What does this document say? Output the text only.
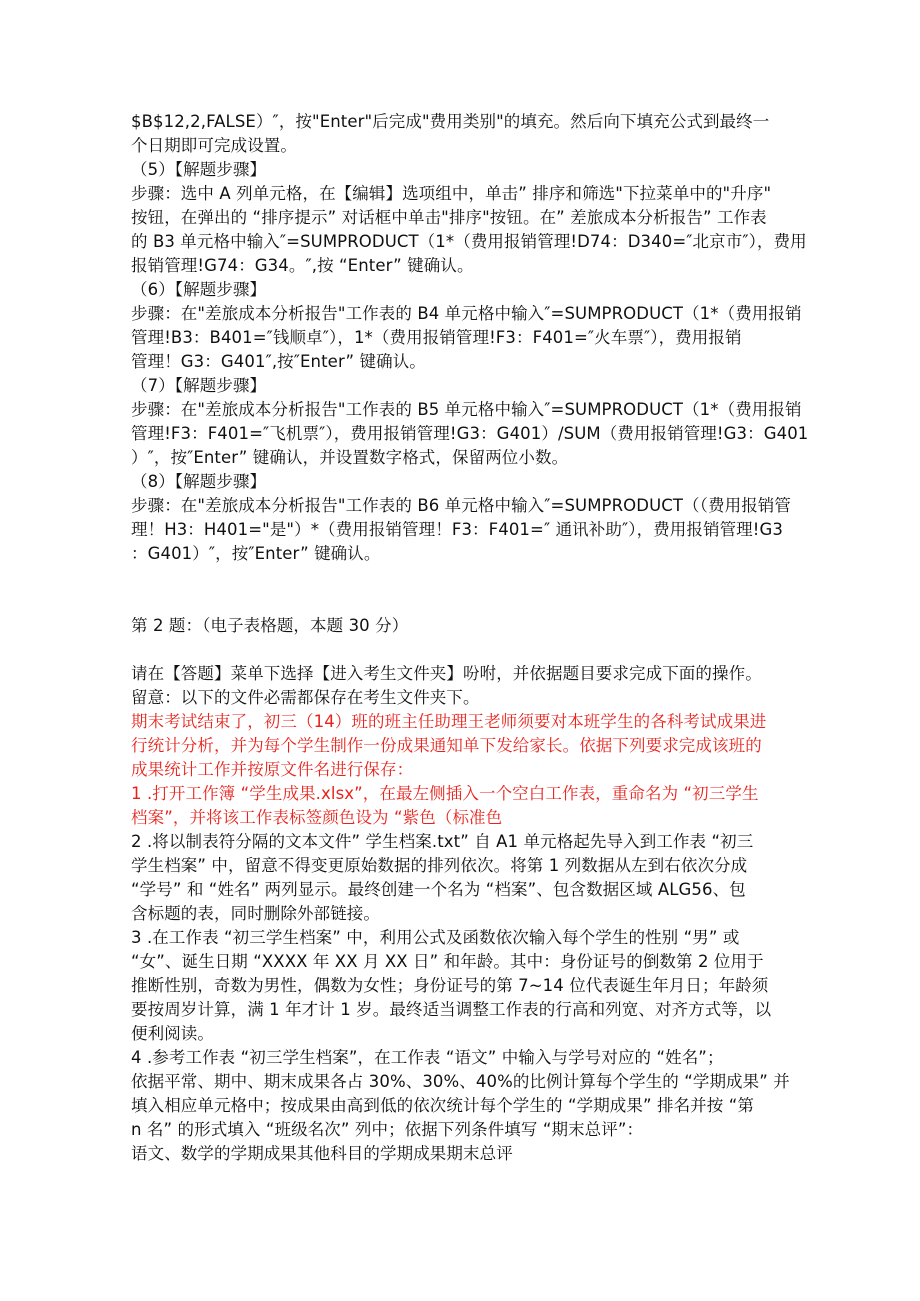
$B$12,2,FALSE）″，按"Enter"后完成"费用类别"的填充。然后向下填充公式到最终一
个日期即可完成设置。
（5）【解题步骤】
步骤：选中 A 列单元格，在【编辑】选项组中，单击” 排序和筛选"下拉菜单中的"升序"
按钮，在弹出的 “排序提示” 对话框中单击"排序"按钮。在” 差旅成本分析报告” 工作表
的 B3 单元格中输入″=SUMPRODUCT（1*（费用报销管理!D74：D340=″北京市″），费用
报销管理!G74：G34。″,按 “Enter” 键确认。
（6）【解题步骤】
步骤：在"差旅成本分析报告"工作表的 B4 单元格中输入″=SUMPRODUCT（1*（费用报销
管理!B3：B401=″钱顺卓″），1*（费用报销管理!F3：F401=″火车票″），费用报销
管理！G3：G401″,按″Enter” 键确认。
（7）【解题步骤】
步骤：在"差旅成本分析报告"工作表的 B5 单元格中输入″=SUMPRODUCT（1*（费用报销
管理!F3：F401=″飞机票″），费用报销管理!G3：G401）/SUM（费用报销管理!G3：G401
）″，按″Enter” 键确认，并设置数字格式，保留两位小数。
（8）【解题步骤】
步骤：在"差旅成本分析报告"工作表的 B6 单元格中输入″=SUMPRODUCT（（费用报销管
理！H3：H401="是"）*（费用报销管理！F3：F401=″ 通讯补助″），费用报销管理!G3
：G401）″，按″Enter” 键确认。
第 2 题：（电子表格题，本题 30 分）
请在【答题】菜单下选择【进入考生文件夹】吩咐，并依据题目要求完成下面的操作。
留意：以下的文件必需都保存在考生文件夹下。
期末考试结束了，初三（14）班的班主任助理王老师须要对本班学生的各科考试成果进
行统计分析，并为每个学生制作一份成果通知单下发给家长。依据下列要求完成该班的
成果统计工作并按原文件名进行保存：
1 .打开工作簿 “学生成果.xlsx”，在最左侧插入一个空白工作表，重命名为 “初三学生
档案”，并将该工作表标签颜色设为 “紫色（标准色
2 .将以制表符分隔的文本文件” 学生档案.txt” 自 A1 单元格起先导入到工作表 “初三
学生档案” 中，留意不得变更原始数据的排列依次。将第 1 列数据从左到右依次分成
“学号” 和 “姓名” 两列显示。最终创建一个名为 “档案”、包含数据区域 ALG56、包
含标题的表，同时删除外部链接。
3 .在工作表 “初三学生档案” 中，利用公式及函数依次输入每个学生的性别 “男” 或
“女”、诞生日期 “XXXX 年 XX 月 XX 日” 和年龄。其中：身份证号的倒数第 2 位用于
推断性别，奇数为男性，偶数为女性；身份证号的第 7~14 位代表诞生年月日；年龄须
要按周岁计算，满 1 年才计 1 岁。最终适当调整工作表的行高和列宽、对齐方式等，以
便利阅读。
4 .参考工作表 “初三学生档案”，在工作表 “语文” 中输入与学号对应的 “姓名”；
依据平常、期中、期末成果各占 30%、30%、40%的比例计算每个学生的 “学期成果” 并
填入相应单元格中；按成果由高到低的依次统计每个学生的 “学期成果” 排名并按 “第
n 名” 的形式填入 “班级名次” 列中；依据下列条件填写 “期末总评”：
语文、数学的学期成果其他科目的学期成果期末总评
